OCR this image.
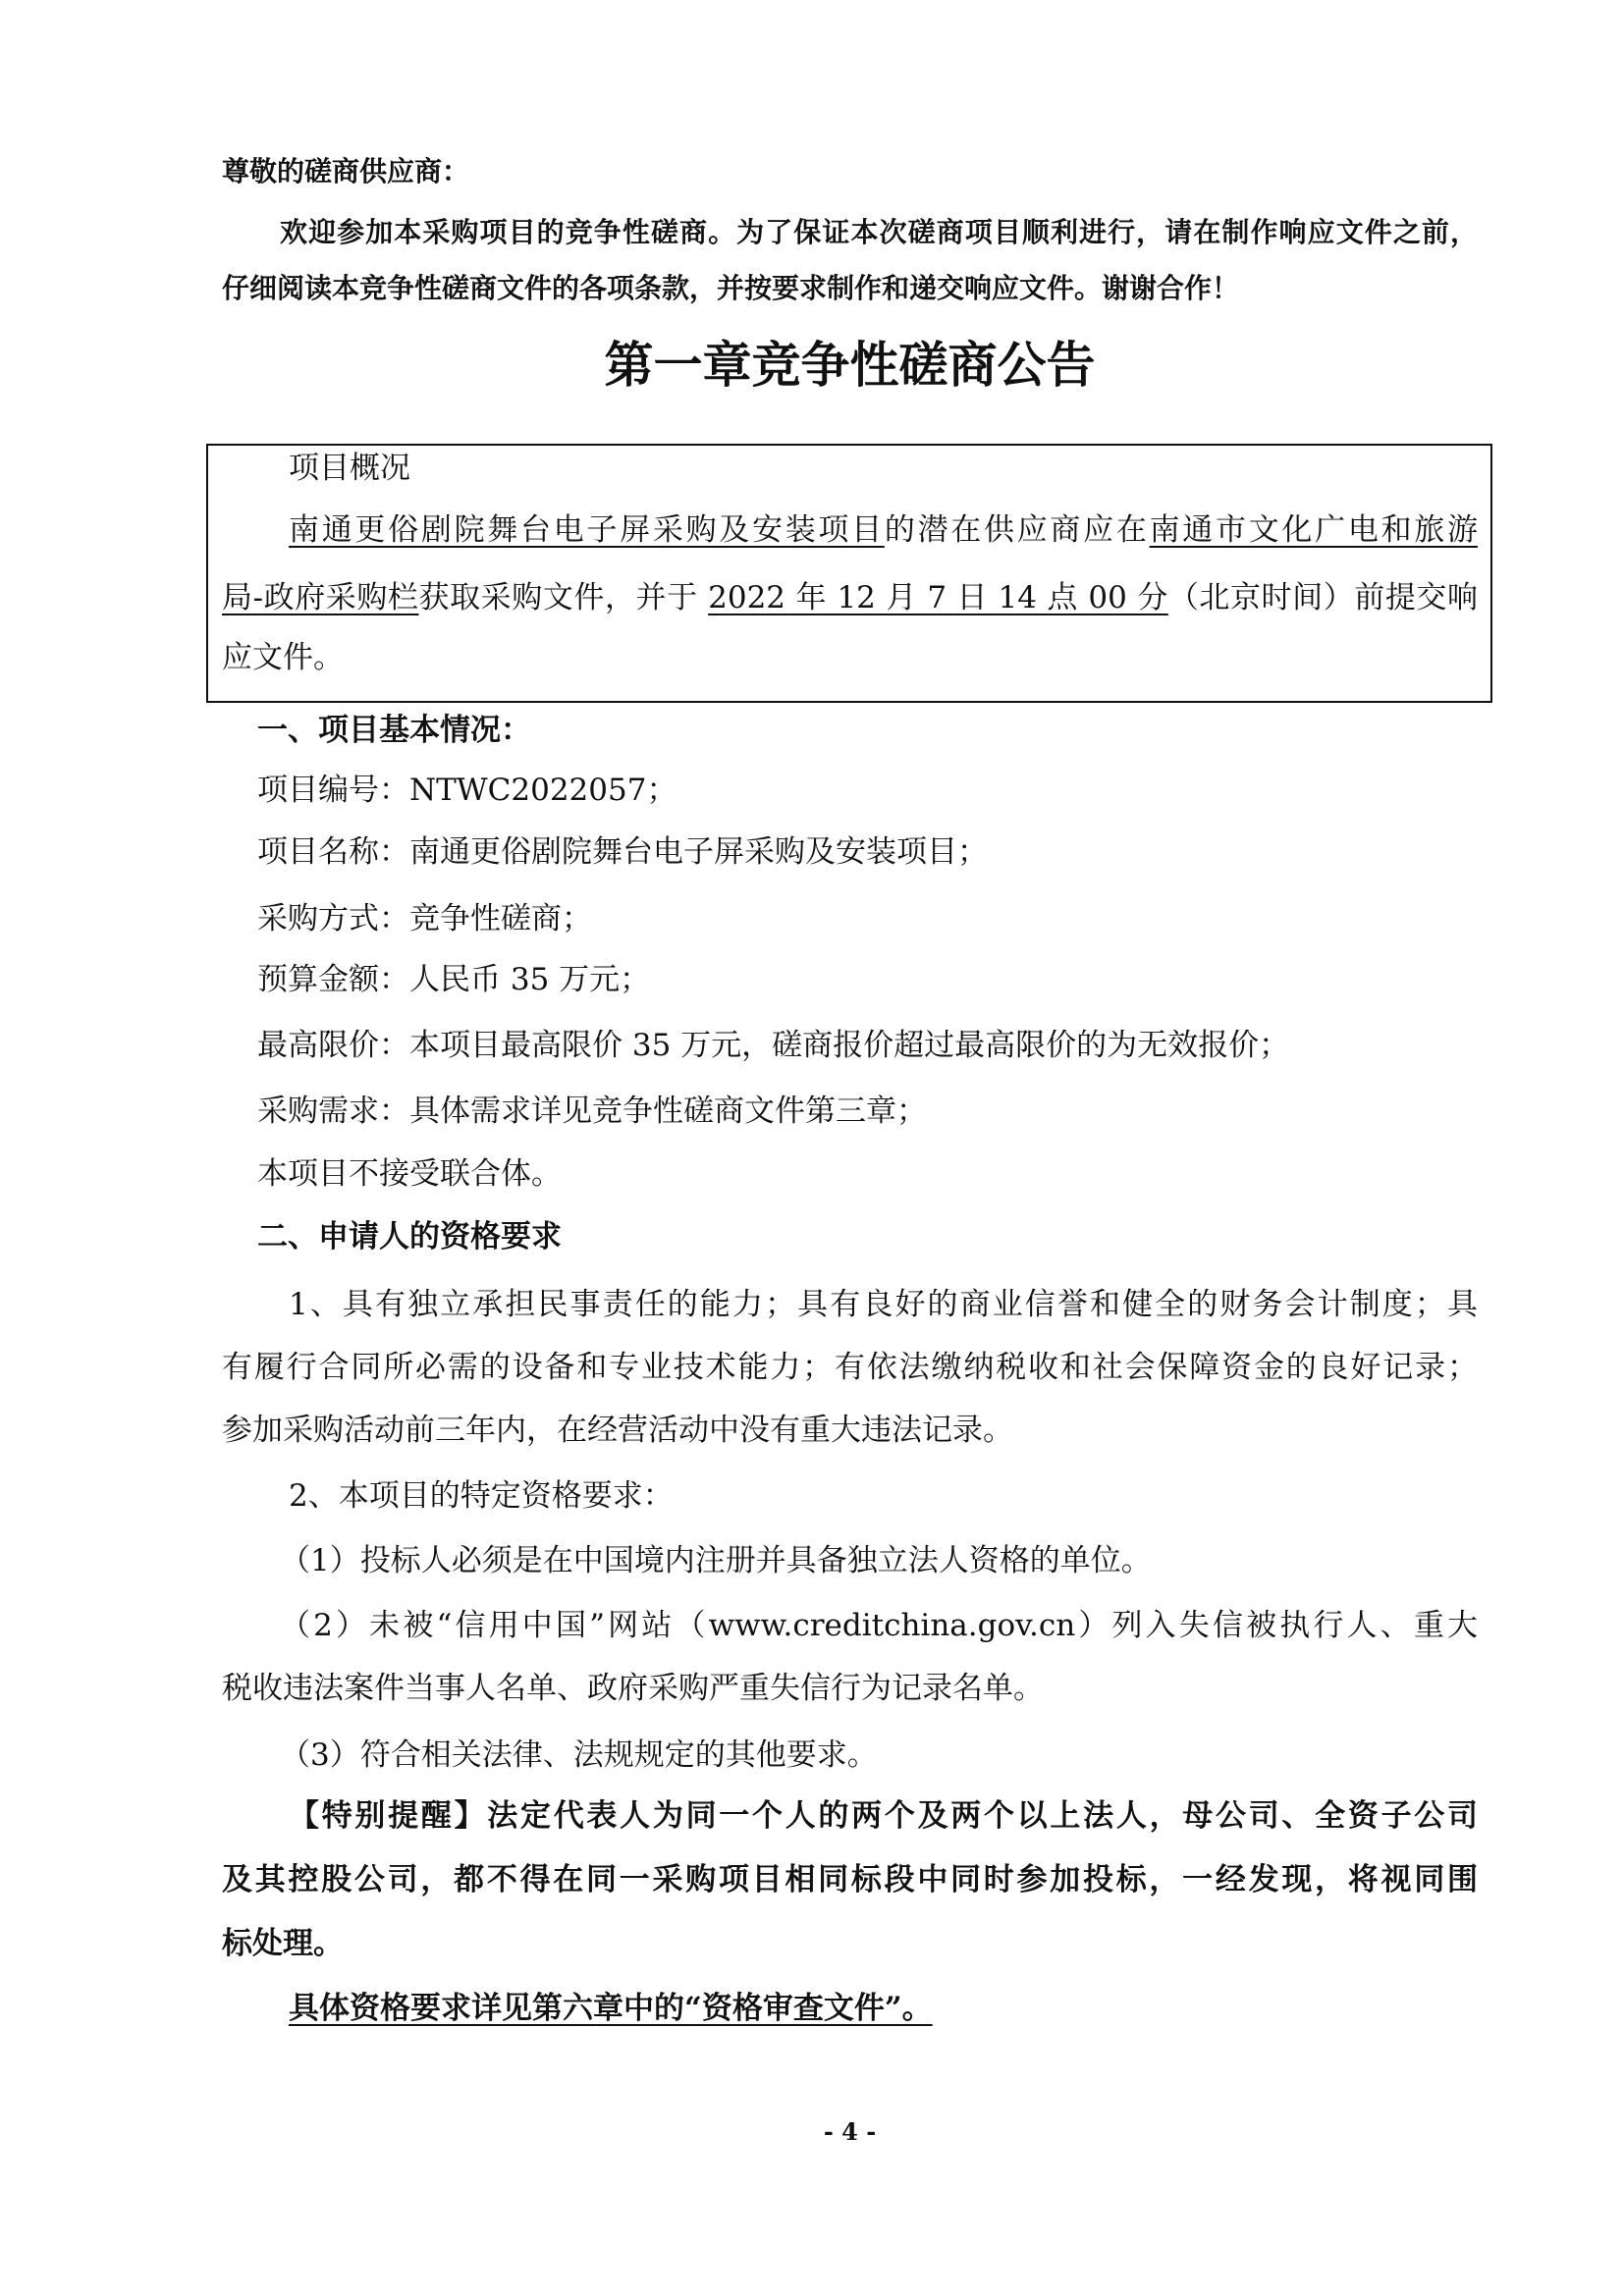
尊敬的磋商供应商：
欢迎参加本采购项目的竞争性磋商。为了保证本次磋商项目顺利进行，请在制作响应文件之前，
仔细阅读本竞争性磋商文件的各项条款，并按要求制作和递交响应文件。谢谢合作！
第一章竞争性磋商公告
项目概况
南通更俗剧院舞台电子屏采购及安装项目的潜在供应商应在南通市文化广电和旅游
局-政府采购栏获取采购文件，并于 2022 年 12 月 7 日 14 点 00 分（北京时间）前提交响
应文件。
一、项目基本情况：
项目编号：NTWC2022057；
项目名称：南通更俗剧院舞台电子屏采购及安装项目；
采购方式：竞争性磋商；
预算金额：人民币 35 万元；
最高限价：本项目最高限价 35 万元，磋商报价超过最高限价的为无效报价；
采购需求：具体需求详见竞争性磋商文件第三章；
本项目不接受联合体。
二、申请人的资格要求
1、具有独立承担民事责任的能力；具有良好的商业信誉和健全的财务会计制度；具
有履行合同所必需的设备和专业技术能力；有依法缴纳税收和社会保障资金的良好记录；
参加采购活动前三年内，在经营活动中没有重大违法记录。
2、本项目的特定资格要求：
（1）投标人必须是在中国境内注册并具备独立法人资格的单位。
（2）未被“信用中国”网站（www.creditchina.gov.cn）列入失信被执行人、重大
税收违法案件当事人名单、政府采购严重失信行为记录名单。
（3）符合相关法律、法规规定的其他要求。
【特别提醒】法定代表人为同一个人的两个及两个以上法人，母公司、全资子公司
及其控股公司，都不得在同一采购项目相同标段中同时参加投标，一经发现，将视同围
标处理。
具体资格要求详见第六章中的“资格审查文件”。
- 4 -
